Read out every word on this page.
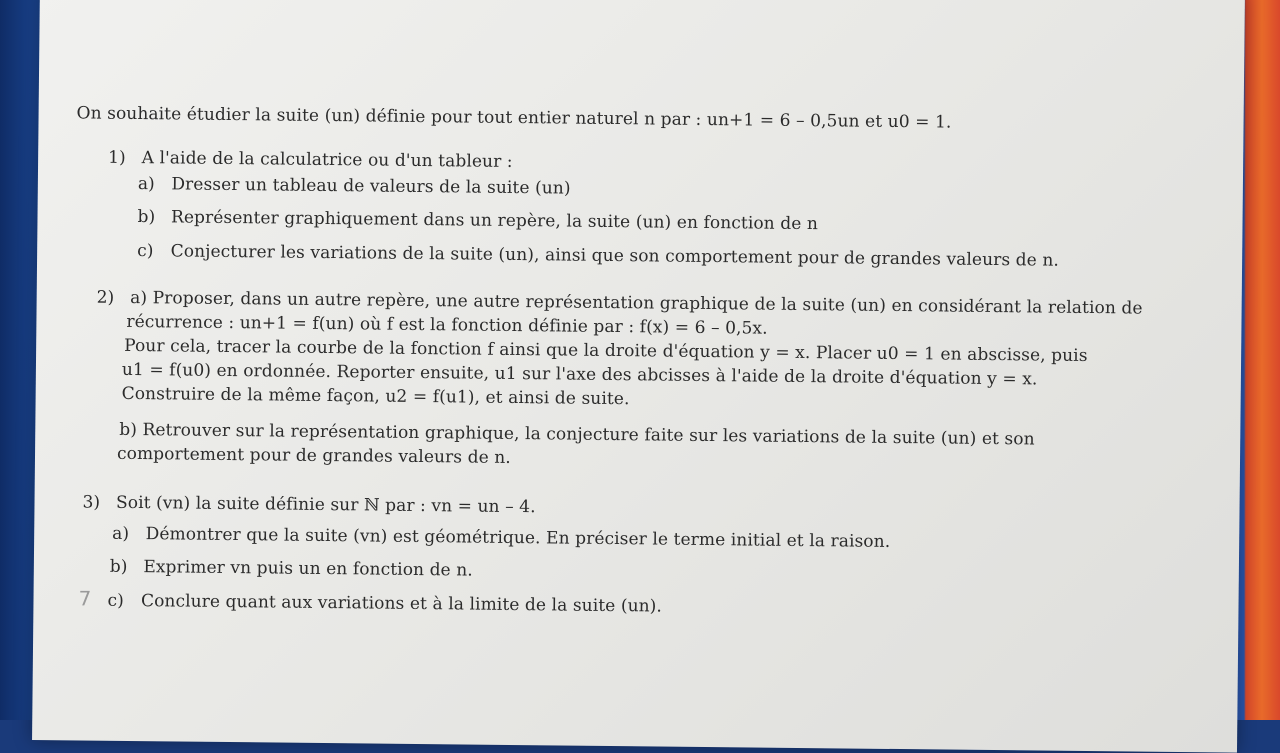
On souhaite étudier la suite (un) définie pour tout entier naturel n par : un+1 = 6 – 0,5un et u0 = 1.
1) A l'aide de la calculatrice ou d'un tableur :
a) Dresser un tableau de valeurs de la suite (un)
b) Représenter graphiquement dans un repère, la suite (un) en fonction de n
c) Conjecturer les variations de la suite (un), ainsi que son comportement pour de grandes valeurs de n.
2) a) Proposer, dans un autre repère, une autre représentation graphique de la suite (un) en considérant la relation de
récurrence : un+1 = f(un) où f est la fonction définie par : f(x) = 6 – 0,5x.
Pour cela, tracer la courbe de la fonction f ainsi que la droite d'équation y = x. Placer u0 = 1 en abscisse, puis
u1 = f(u0) en ordonnée. Reporter ensuite, u1 sur l'axe des abcisses à l'aide de la droite d'équation y = x.
Construire de la même façon, u2 = f(u1), et ainsi de suite.
b) Retrouver sur la représentation graphique, la conjecture faite sur les variations de la suite (un) et son
comportement pour de grandes valeurs de n.
3) Soit (vn) la suite définie sur ℕ par : vn = un – 4.
a) Démontrer que la suite (vn) est géométrique. En préciser le terme initial et la raison.
b) Exprimer vn puis un en fonction de n.
c) Conclure quant aux variations et à la limite de la suite (un).
7
